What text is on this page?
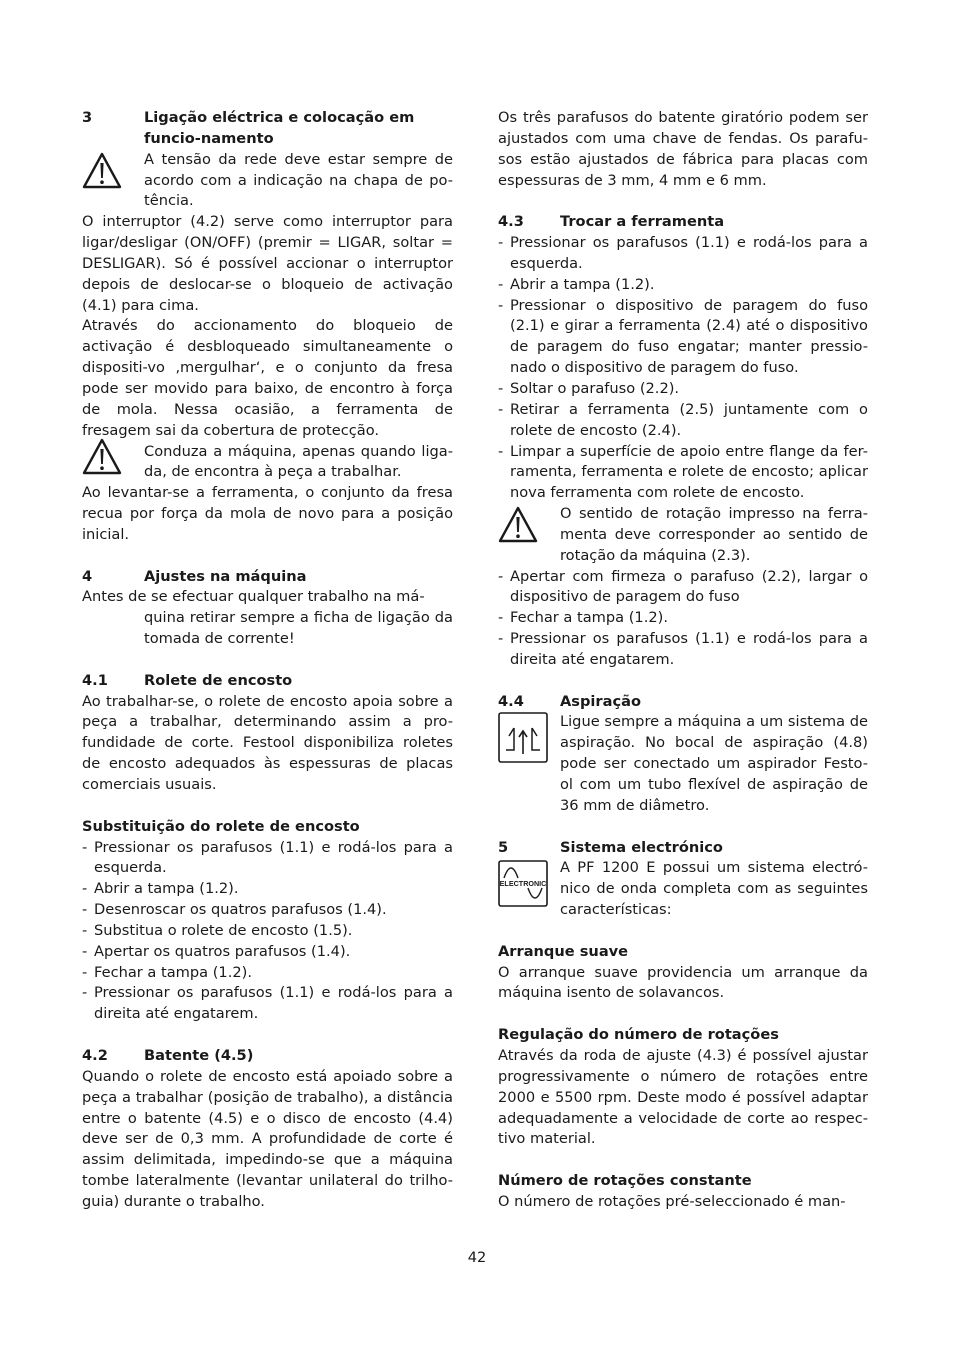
3	Ligação eléctrica e colocação em funcio-namento
A tensão da rede deve estar sempre de acordo com a indicação na chapa de po-tência.

O interruptor (4.2) serve como interruptor para ligar/desligar (ON/OFF) (premir = LIGAR, soltar = DESLIGAR). Só é possível accionar o interruptor depois de deslocar-se o bloqueio de activação (4.1) para cima.

Através do accionamento do bloqueio de activação é desbloqueado simultaneamente o dispositi-vo ‚mergulhar‘, e o conjunto da fresa pode ser movido para baixo, de encontro à força de mola. Nessa ocasião, a ferramenta de fresagem sai da cobertura de protecção.

Conduza a máquina, apenas quando liga-da, de encontra à peça a trabalhar.

Ao levantar-se a ferramenta, o conjunto da fresa recua por força da mola de novo para a posição inicial.

4	Ajustes na máquina

Antes de se efectuar qualquer trabalho na má-

quina retirar sempre a ficha de ligação da tomada de corrente!

4.1	Rolete de encosto

Ao trabalhar-se, o rolete de encosto apoia sobre a peça a trabalhar, determinando assim a pro-fundidade de corte. Festool disponibiliza roletes de encosto adequados às espessuras de placas comerciais usuais.

Substituição do rolete de encosto
- Pressionar os parafusos (1.1) e rodá-los para a esquerda.
- Abrir a tampa (1.2).
- Desenroscar os quatros parafusos (1.4).
- Substitua o rolete de encosto (1.5).
- Apertar os quatros parafusos (1.4).
- Fechar a tampa (1.2).
- Pressionar os parafusos (1.1) e rodá-los para a direita até engatarem.
4.2	Batente (4.5)

Quando o rolete de encosto está apoiado sobre a peça a trabalhar (posição de trabalho), a distância entre o batente (4.5) e o disco de encosto (4.4) deve ser de 0,3 mm. A profundidade de corte é assim delimitada, impedindo-se que a máquina tombe lateralmente (levantar unilateral do trilho-guia) durante o trabalho.

Os três parafusos do batente giratório podem ser ajustados com uma chave de fendas. Os parafu-sos estão ajustados de fábrica para placas com espessuras de 3 mm, 4 mm e 6 mm.

4.3	Trocar a ferramenta
- Pressionar os parafusos (1.1) e rodá-los para a esquerda.
- Abrir a tampa (1.2).
- Pressionar o dispositivo de paragem do fuso (2.1) e girar a ferramenta (2.4) até o dispositivo de paragem do fuso engatar; manter pressio-nado o dispositivo de paragem do fuso.
- Soltar o parafuso (2.2).
- Retirar a ferramenta (2.5) juntamente com o rolete de encosto (2.4).
- Limpar a superfície de apoio entre flange da fer-ramenta, ferramenta e rolete de encosto; aplicar nova ferramenta com rolete de encosto.
O sentido de rotação impresso na ferra-menta deve corresponder ao sentido de rotação da máquina (2.3).
- Apertar com firmeza o parafuso (2.2), largar o dispositivo de paragem do fuso
- Fechar a tampa (1.2).
- Pressionar os parafusos (1.1) e rodá-los para a direita até engatarem.
4.4	Aspiração
Ligue sempre a máquina a um sistema de aspiração. No bocal de aspiração (4.8) pode ser conectado um aspirador Festo-ol com um tubo flexível de aspiração de 36 mm de diâmetro.
5	Sistema electrónico
ELECTRONIC
A PF 1200 E possui um sistema electró-nico de onda completa com as seguintes características:
Arranque suave

O arranque suave providencia um arranque da máquina isento de solavancos.

Regulação do número de rotações

Através da roda de ajuste (4.3) é possível ajustar progressivamente o número de rotações entre 2000 e 5500 rpm. Deste modo é possível adaptar adequadamente a velocidade de corte ao respec-tivo material.

Número de rotações constante

O número de rotações pré-seleccionado é man-

42
